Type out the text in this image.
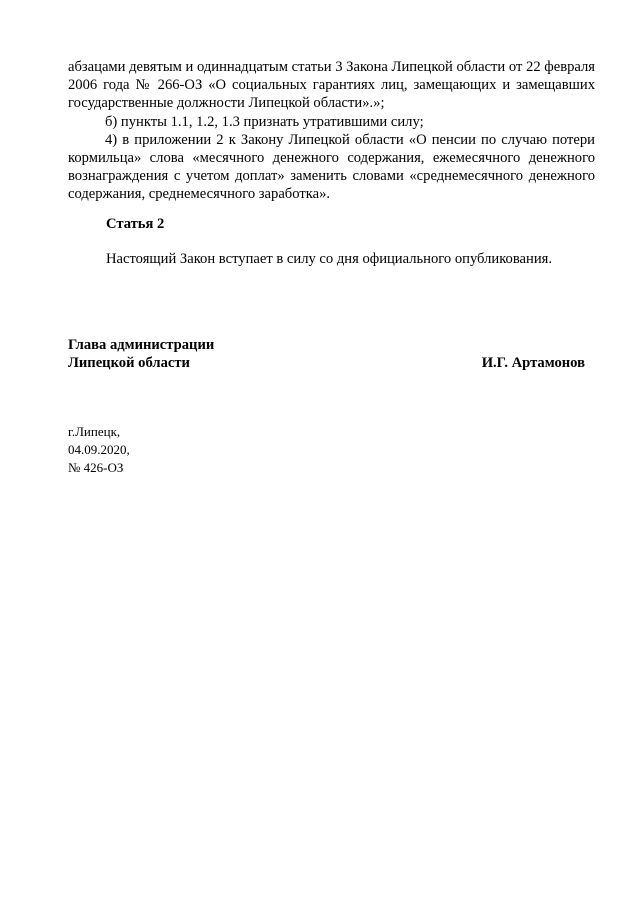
абзацами девятым и одиннадцатым статьи 3 Закона Липецкой области от 22 февраля 2006 года № 266-ОЗ «О социальных гарантиях лиц, замещающих и замещавших государственные должности Липецкой области».»;

б) пункты 1.1, 1.2, 1.3 признать утратившими силу;

4) в приложении 2 к Закону Липецкой области «О пенсии по случаю потери кормильца» слова «месячного денежного содержания, ежемесячного денежного вознаграждения с учетом доплат» заменить словами «среднемесячного денежного содержания, среднемесячного заработка».

Статья 2

Настоящий Закон вступает в силу со дня официального опубликования.

Глава администрации

Липецкой области	И.Г. Артамонов

г.Липецк,

04.09.2020,

№ 426-ОЗ
